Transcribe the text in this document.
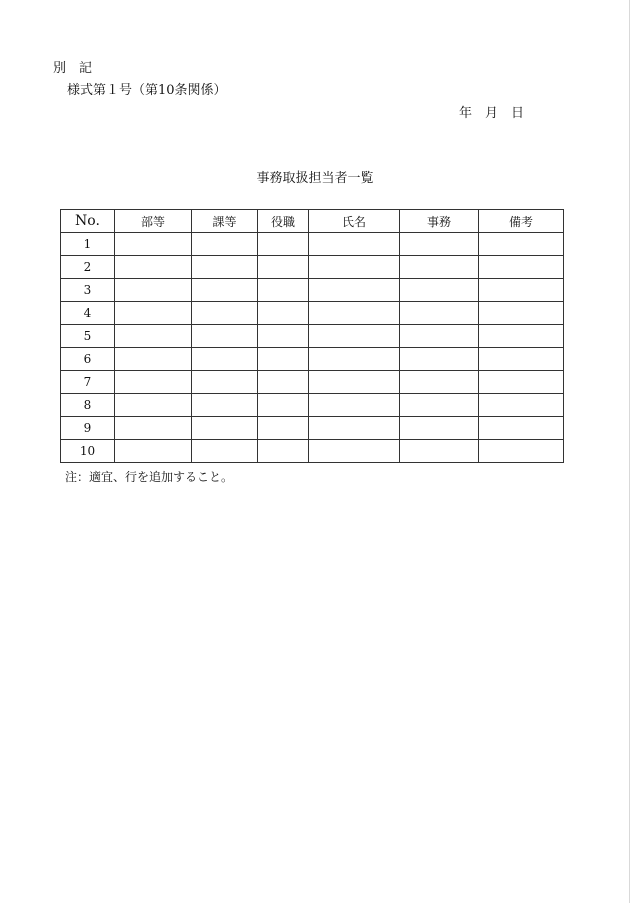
別　記
様式第１号（第10条関係）
年　月　日
事務取扱担当者一覧
No.	部等	課等	役職	氏名	事務	備考
1						
2						
3						
4						
5						
6						
7						
8						
9						
10						
注：適宜、行を追加すること。
